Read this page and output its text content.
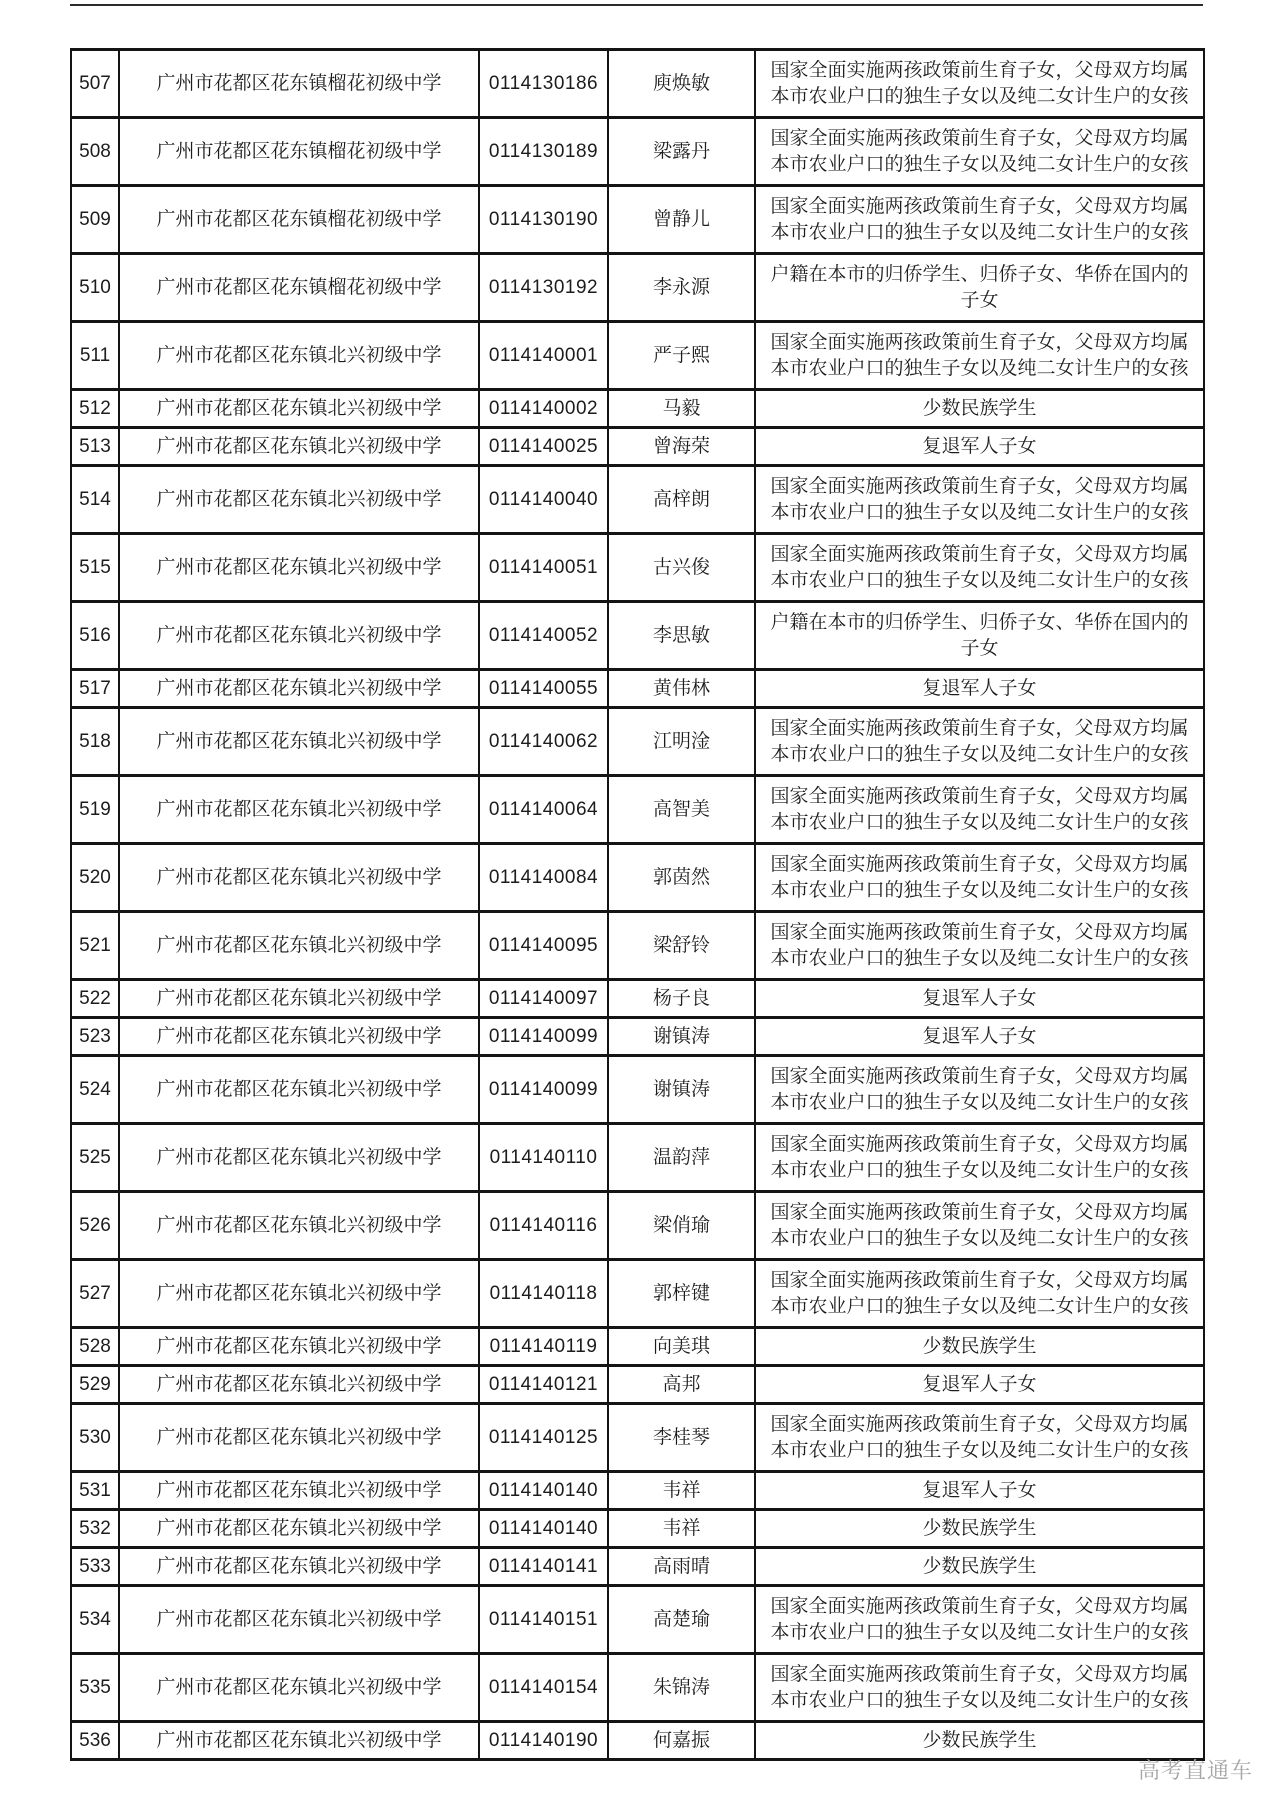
507	广州市花都区花东镇榴花初级中学	0114130186	庾焕敏	国家全面实施两孩政策前生育子女，父母双方均属本市农业户口的独生子女以及纯二女计生户的女孩
508	广州市花都区花东镇榴花初级中学	0114130189	梁露丹	国家全面实施两孩政策前生育子女，父母双方均属本市农业户口的独生子女以及纯二女计生户的女孩
509	广州市花都区花东镇榴花初级中学	0114130190	曾静儿	国家全面实施两孩政策前生育子女，父母双方均属本市农业户口的独生子女以及纯二女计生户的女孩
510	广州市花都区花东镇榴花初级中学	0114130192	李永源	户籍在本市的归侨学生、归侨子女、华侨在国内的子女
511	广州市花都区花东镇北兴初级中学	0114140001	严子熙	国家全面实施两孩政策前生育子女，父母双方均属本市农业户口的独生子女以及纯二女计生户的女孩
512	广州市花都区花东镇北兴初级中学	0114140002	马毅	少数民族学生
513	广州市花都区花东镇北兴初级中学	0114140025	曾海荣	复退军人子女
514	广州市花都区花东镇北兴初级中学	0114140040	高梓朗	国家全面实施两孩政策前生育子女，父母双方均属本市农业户口的独生子女以及纯二女计生户的女孩
515	广州市花都区花东镇北兴初级中学	0114140051	古兴俊	国家全面实施两孩政策前生育子女，父母双方均属本市农业户口的独生子女以及纯二女计生户的女孩
516	广州市花都区花东镇北兴初级中学	0114140052	李思敏	户籍在本市的归侨学生、归侨子女、华侨在国内的子女
517	广州市花都区花东镇北兴初级中学	0114140055	黄伟林	复退军人子女
518	广州市花都区花东镇北兴初级中学	0114140062	江明淦	国家全面实施两孩政策前生育子女，父母双方均属本市农业户口的独生子女以及纯二女计生户的女孩
519	广州市花都区花东镇北兴初级中学	0114140064	高智美	国家全面实施两孩政策前生育子女，父母双方均属本市农业户口的独生子女以及纯二女计生户的女孩
520	广州市花都区花东镇北兴初级中学	0114140084	郭茵然	国家全面实施两孩政策前生育子女，父母双方均属本市农业户口的独生子女以及纯二女计生户的女孩
521	广州市花都区花东镇北兴初级中学	0114140095	梁舒铃	国家全面实施两孩政策前生育子女，父母双方均属本市农业户口的独生子女以及纯二女计生户的女孩
522	广州市花都区花东镇北兴初级中学	0114140097	杨子良	复退军人子女
523	广州市花都区花东镇北兴初级中学	0114140099	谢镇涛	复退军人子女
524	广州市花都区花东镇北兴初级中学	0114140099	谢镇涛	国家全面实施两孩政策前生育子女，父母双方均属本市农业户口的独生子女以及纯二女计生户的女孩
525	广州市花都区花东镇北兴初级中学	0114140110	温韵萍	国家全面实施两孩政策前生育子女，父母双方均属本市农业户口的独生子女以及纯二女计生户的女孩
526	广州市花都区花东镇北兴初级中学	0114140116	梁俏瑜	国家全面实施两孩政策前生育子女，父母双方均属本市农业户口的独生子女以及纯二女计生户的女孩
527	广州市花都区花东镇北兴初级中学	0114140118	郭梓键	国家全面实施两孩政策前生育子女，父母双方均属本市农业户口的独生子女以及纯二女计生户的女孩
528	广州市花都区花东镇北兴初级中学	0114140119	向美琪	少数民族学生
529	广州市花都区花东镇北兴初级中学	0114140121	高邦	复退军人子女
530	广州市花都区花东镇北兴初级中学	0114140125	李桂琴	国家全面实施两孩政策前生育子女，父母双方均属本市农业户口的独生子女以及纯二女计生户的女孩
531	广州市花都区花东镇北兴初级中学	0114140140	韦祥	复退军人子女
532	广州市花都区花东镇北兴初级中学	0114140140	韦祥	少数民族学生
533	广州市花都区花东镇北兴初级中学	0114140141	高雨晴	少数民族学生
534	广州市花都区花东镇北兴初级中学	0114140151	高楚瑜	国家全面实施两孩政策前生育子女，父母双方均属本市农业户口的独生子女以及纯二女计生户的女孩
535	广州市花都区花东镇北兴初级中学	0114140154	朱锦涛	国家全面实施两孩政策前生育子女，父母双方均属本市农业户口的独生子女以及纯二女计生户的女孩
536	广州市花都区花东镇北兴初级中学	0114140190	何嘉振	少数民族学生
高考直通车
